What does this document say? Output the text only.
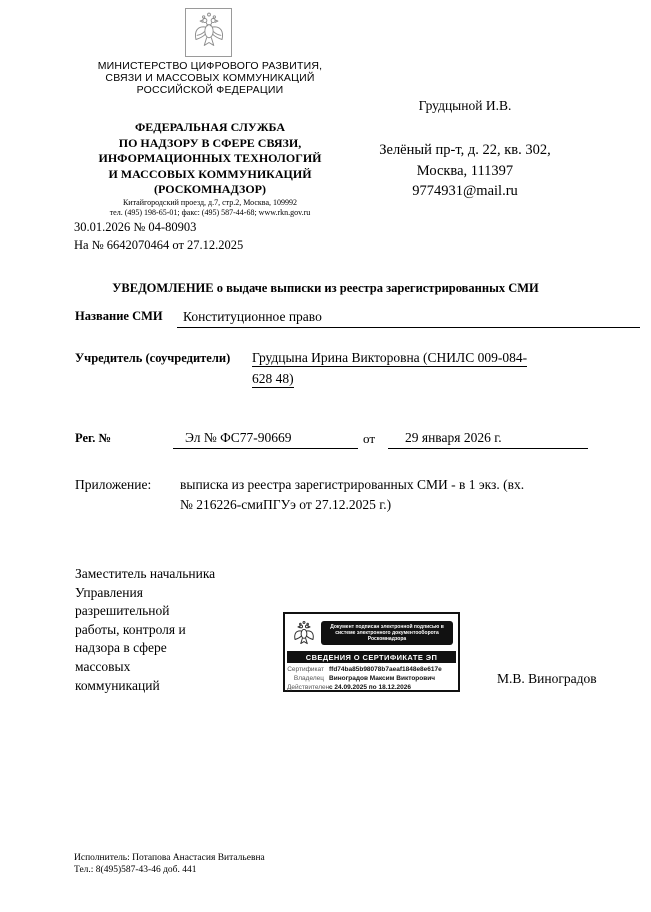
МИНИСТЕРСТВО ЦИФРОВОГО РАЗВИТИЯ,
СВЯЗИ И МАССОВЫХ КОММУНИКАЦИЙ
РОССИЙСКОЙ ФЕДЕРАЦИИ
ФЕДЕРАЛЬНАЯ СЛУЖБА
ПО НАДЗОРУ В СФЕРЕ СВЯЗИ,
ИНФОРМАЦИОННЫХ ТЕХНОЛОГИЙ
И МАССОВЫХ КОММУНИКАЦИЙ
(РОСКОМНАДЗОР)
Китайгородский проезд, д.7, стр.2, Москва, 109992
тел. (495) 198-65-01; факс: (495) 587-44-68; www.rkn.gov.ru
30.01.2026 № 04-80903
На № 6642070464 от 27.12.2025
Грудцыной И.В.
Зелёный пр-т, д. 22, кв. 302,
Москва, 111397
9774931@mail.ru
УВЕДОМЛЕНИЕ о выдаче выписки из реестра зарегистрированных СМИ
Название СМИ Конституционное право
Учредитель (соучредители) Грудцына Ирина Викторовна (СНИЛС 009-084-
628 48)
Рег. №	Эл № ФС77-90669	от 29 января 2026 г.
Приложение: выписка из реестра зарегистрированных СМИ - в 1 экз. (вх.
№ 216226-смиПГУэ от 27.12.2025 г.)
Заместитель начальника
Управления
разрешительной
работы, контроля и
надзора в сфере
массовых
коммуникаций
Документ подписан электронной подписью в системе электронного документооборота Роскомнадзора
СВЕДЕНИЯ О СЕРТИФИКАТЕ ЭП
Сертификат ffd74ba85b98078b7aeaf1848e8e617e
Владелец Виноградов Максим Викторович
Действителен с 24.09.2025 по 18.12.2026
М.В. Виноградов
Исполнитель: Потапова Анастасия Витальевна
Тел.: 8(495)587-43-46 доб. 441
